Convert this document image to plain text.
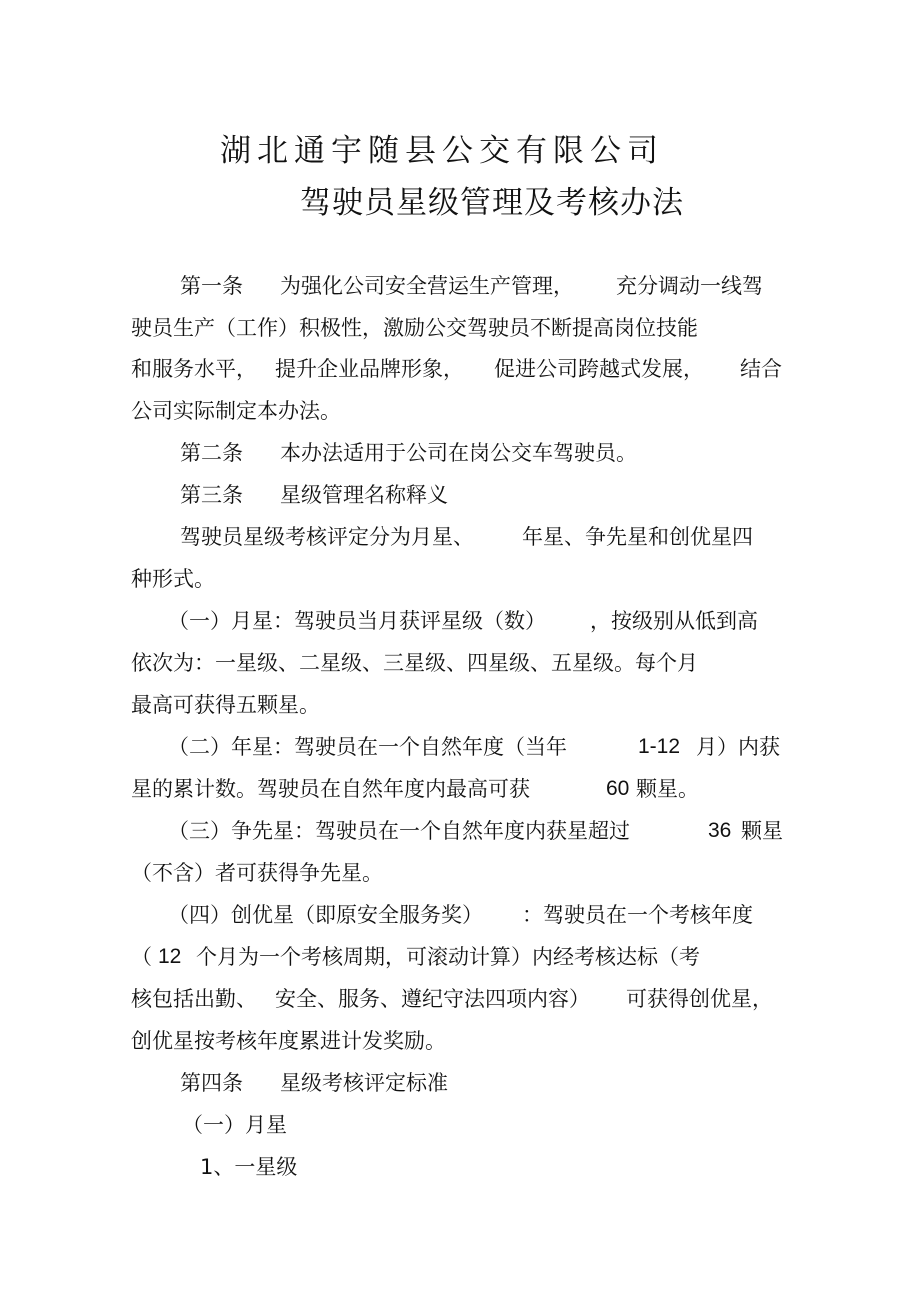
湖北通宇随县公交有限公司
驾驶员星级管理及考核办法
第一条 为强化公司安全营运生产管理， 充分调动一线驾
驶员生产（工作）积极性，激励公交驾驶员不断提高岗位技能
和服务水平， 提升企业品牌形象， 促进公司跨越式发展， 结合
公司实际制定本办法。
第二条 本办法适用于公司在岗公交车驾驶员。
第三条 星级管理名称释义
驾驶员星级考核评定分为月星、 年星、争先星和创优星四
种形式。
（一）月星：驾驶员当月获评星级（数） ，按级别从低到高
依次为：一星级、二星级、三星级、四星级、五星级。每个月
最高可获得五颗星。
（二）年星：驾驶员在一个自然年度（当年	1-12 月）内获
星的累计数。驾驶员在自然年度内最高可获	60 颗星。
（三）争先星：驾驶员在一个自然年度内获星超过	36 颗星
（不含）者可获得争先星。
（四）创优星（即原安全服务奖） ：驾驶员在一个考核年度
（ 12 个月为一个考核周期，可滚动计算）内经考核达标（考
核包括出勤、 安全、服务、遵纪守法四项内容） 可获得创优星，
创优星按考核年度累进计发奖励。
第四条 星级考核评定标准
（一）月星
1、一星级
